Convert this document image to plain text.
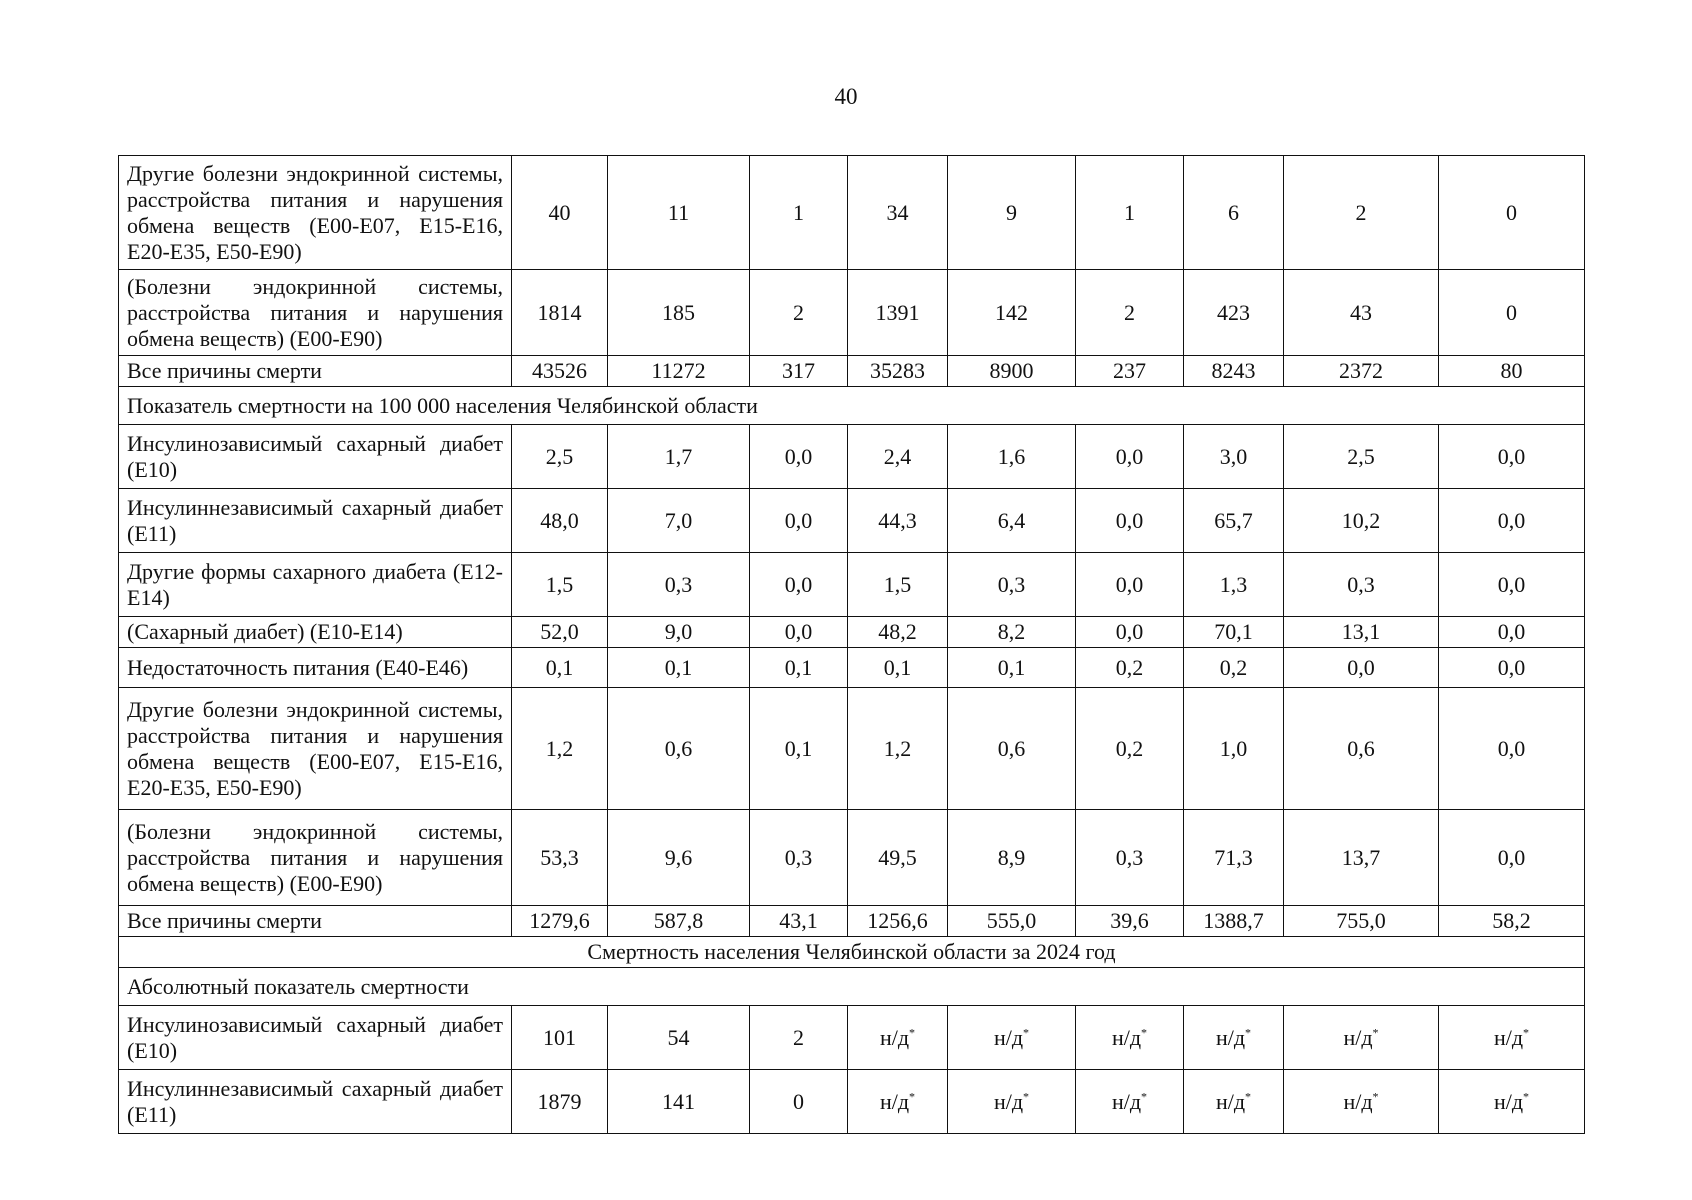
40
Другие болезни эндокринной системы, расстройства питания и нарушения обмена веществ (Е00-Е07, Е15-Е16, Е20-Е35, Е50-Е90)	40	11	1	34	9	1	6	2	0
(Болезни эндокринной системы, расстройства питания и нарушения обмена веществ) (Е00-Е90)	1814	185	2	1391	142	2	423	43	0
Все причины смерти	43526	11272	317	35283	8900	237	8243	2372	80
Показатель смертности на 100 000 населения Челябинской области									
Инсулинозависимый сахарный диабет (Е10)	2,5	1,7	0,0	2,4	1,6	0,0	3,0	2,5	0,0
Инсулиннезависимый сахарный диабет (Е11)	48,0	7,0	0,0	44,3	6,4	0,0	65,7	10,2	0,0
Другие формы сахарного диабета (Е12-Е14)	1,5	0,3	0,0	1,5	0,3	0,0	1,3	0,3	0,0
(Сахарный диабет) (Е10-Е14)	52,0	9,0	0,0	48,2	8,2	0,0	70,1	13,1	0,0
Недостаточность питания (Е40-Е46)	0,1	0,1	0,1	0,1	0,1	0,2	0,2	0,0	0,0
Другие болезни эндокринной системы, расстройства питания и нарушения обмена веществ (Е00-Е07, Е15-Е16, Е20-Е35, Е50-Е90)	1,2	0,6	0,1	1,2	0,6	0,2	1,0	0,6	0,0
(Болезни эндокринной системы, расстройства питания и нарушения обмена веществ) (Е00-Е90)	53,3	9,6	0,3	49,5	8,9	0,3	71,3	13,7	0,0
Все причины смерти	1279,6	587,8	43,1	1256,6	555,0	39,6	1388,7	755,0	58,2
Смертность населения Челябинской области за 2024 год									
Абсолютный показатель смертности									
Инсулинозависимый сахарный диабет (Е10)	101	54	2	н/д*	н/д*	н/д*	н/д*	н/д*	н/д*
Инсулиннезависимый сахарный диабет (Е11)	1879	141	0	н/д*	н/д*	н/д*	н/д*	н/д*	н/д*
